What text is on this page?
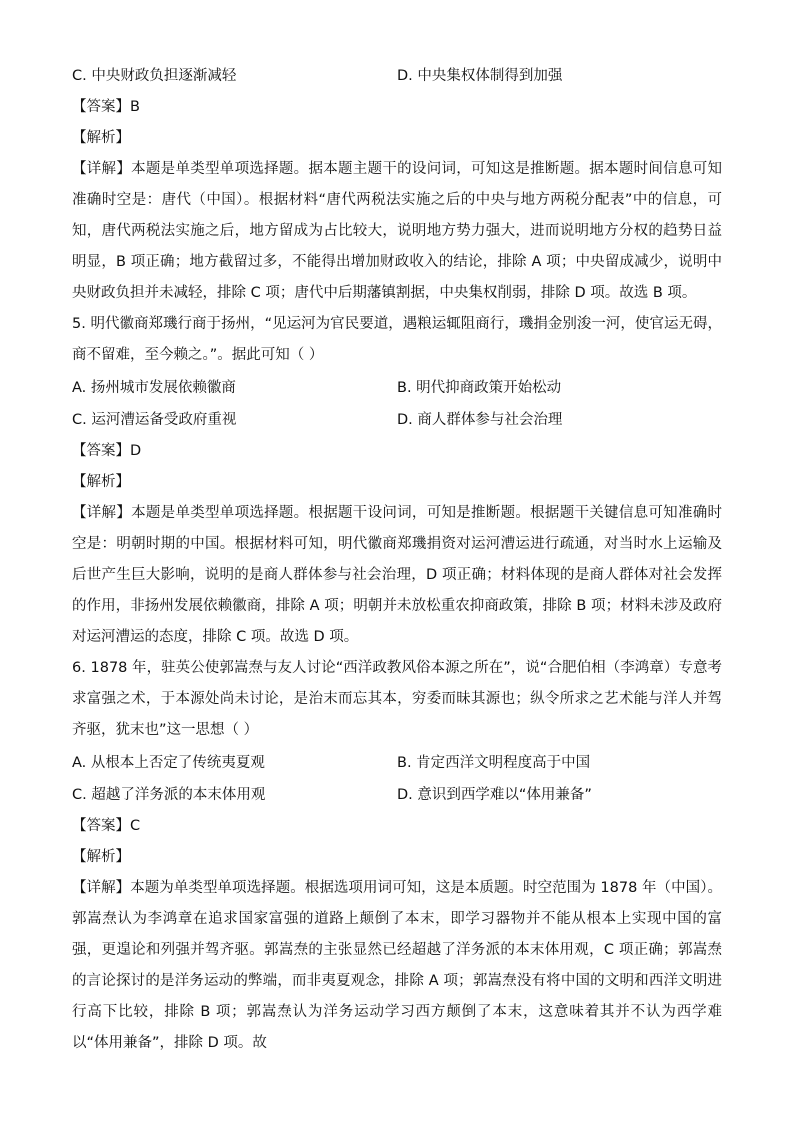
C. 中央财政负担逐渐减轻	D. 中央集权体制得到加强
【答案】B
【解析】
【详解】本题是单类型单项选择题。据本题主题干的设问词，可知这是推断题。据本题时间信息可知准确时空是：唐代（中国）。根据材料“唐代两税法实施之后的中央与地方两税分配表”中的信息，可知，唐代两税法实施之后，地方留成为占比较大，说明地方势力强大，进而说明地方分权的趋势日益明显，B 项正确；地方截留过多，不能得出增加财政收入的结论，排除 A 项；中央留成减少，说明中央财政负担并未减轻，排除 C 项；唐代中后期藩镇割据，中央集权削弱，排除 D 项。故选 B 项。
5. 明代徽商郑璣行商于扬州，“见运河为官民要道，遇粮运辄阻商行，璣捐金别浚一河，使官运无碍，商不留难，至今赖之。”。据此可知（ ）
A. 扬州城市发展依赖徽商	B. 明代抑商政策开始松动
C. 运河漕运备受政府重视	D. 商人群体参与社会治理
【答案】D
【解析】
【详解】本题是单类型单项选择题。根据题干设问词，可知是推断题。根据题干关键信息可知准确时空是：明朝时期的中国。根据材料可知，明代徽商郑璣捐资对运河漕运进行疏通，对当时水上运输及后世产生巨大影响，说明的是商人群体参与社会治理，D 项正确；材料体现的是商人群体对社会发挥的作用，非扬州发展依赖徽商，排除 A 项；明朝并未放松重农抑商政策，排除 B 项；材料未涉及政府对运河漕运的态度，排除 C 项。故选 D 项。
6. 1878 年，驻英公使郭嵩焘与友人讨论“西洋政教风俗本源之所在”，说“合肥伯相（李鸿章）专意考求富强之术，于本源处尚未讨论，是治末而忘其本，穷委而昧其源也；纵令所求之艺术能与洋人并驾齐驱，犹末也”这一思想（ ）
A. 从根本上否定了传统夷夏观	B. 肯定西洋文明程度高于中国
C. 超越了洋务派的本末体用观	D. 意识到西学难以“体用兼备”
【答案】C
【解析】
【详解】本题为单类型单项选择题。根据选项用词可知，这是本质题。时空范围为 1878 年（中国）。郭嵩焘认为李鸿章在追求国家富强的道路上颠倒了本末，即学习器物并不能从根本上实现中国的富强，更遑论和列强并驾齐驱。郭嵩焘的主张显然已经超越了洋务派的本末体用观，C 项正确；郭嵩焘的言论探讨的是洋务运动的弊端，而非夷夏观念，排除 A 项；郭嵩焘没有将中国的文明和西洋文明进行高下比较，排除 B 项；郭嵩焘认为洋务运动学习西方颠倒了本末，这意味着其并不认为西学难以“体用兼备”，排除 D 项。故
